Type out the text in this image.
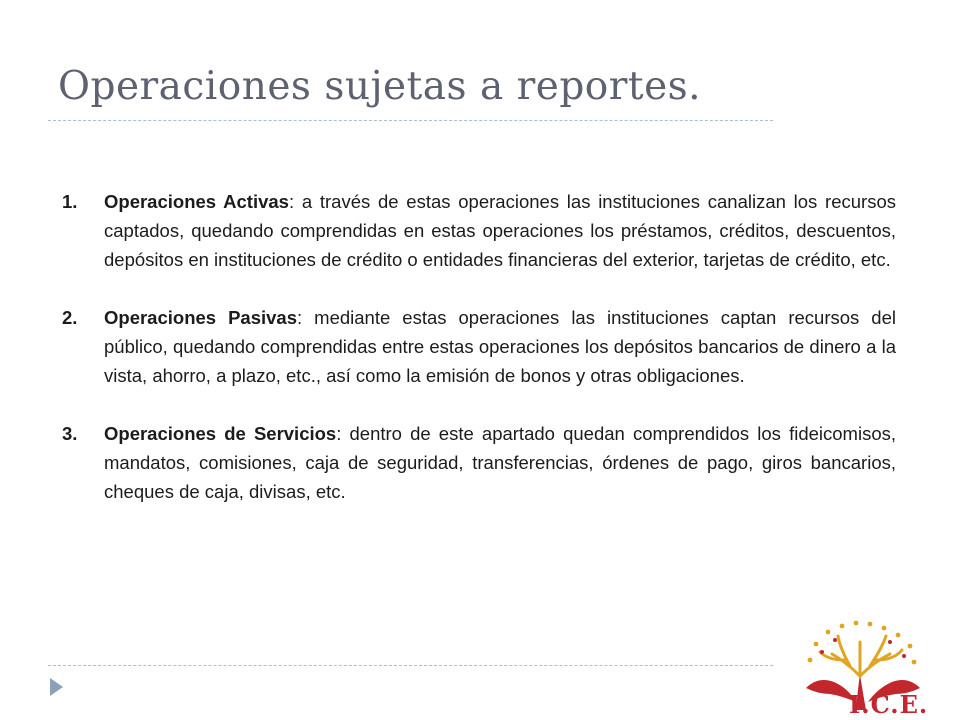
Operaciones sujetas a reportes.
1. Operaciones Activas: a través de estas operaciones las instituciones canalizan los recursos captados, quedando comprendidas en estas operaciones los préstamos, créditos, descuentos, depósitos en instituciones de crédito o entidades financieras del exterior, tarjetas de crédito, etc.
2. Operaciones Pasivas: mediante estas operaciones las instituciones captan recursos del público, quedando comprendidas entre estas operaciones los depósitos bancarios de dinero a la vista, ahorro, a plazo, etc., así como la emisión de bonos y otras obligaciones.
3. Operaciones de Servicios: dentro de este apartado quedan comprendidos los fideicomisos, mandatos, comisiones, caja de seguridad, transferencias, órdenes de pago, giros bancarios, cheques de caja, divisas, etc.
I.C.E.
